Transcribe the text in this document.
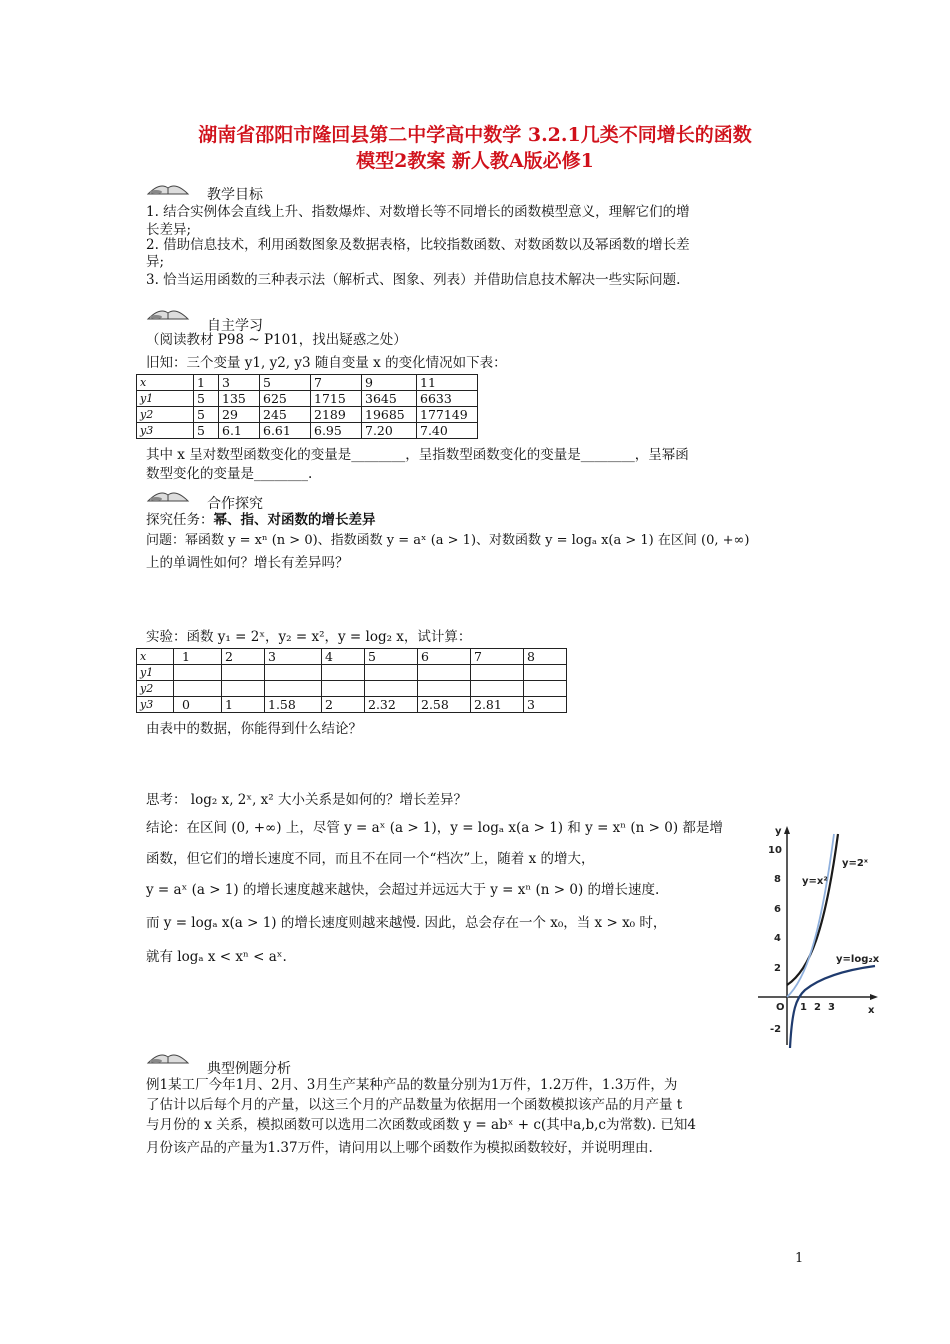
湖南省邵阳市隆回县第二中学高中数学 3.2.1几类不同增长的函数
模型2教案 新人教A版必修1
教学目标
1. 结合实例体会直线上升、指数爆炸、对数增长等不同增长的函数模型意义，理解它们的增
长差异;
2. 借助信息技术，利用函数图象及数据表格，比较指数函数、对数函数以及幂函数的增长差
异;
3. 恰当运用函数的三种表示法（解析式、图象、列表）并借助信息技术解决一些实际问题.
自主学习
（阅读教材 P98 ~ P101，找出疑惑之处）
旧知：三个变量 y1, y2, y3 随自变量 x 的变化情况如下表：
x	1	3	5	7	9	11
y1	5	135	625	1715	3645	6633
y2	5	29	245	2189	19685	177149
y3	5	6.1	6.61	6.95	7.20	7.40
其中 x 呈对数型函数变化的变量是________，呈指数型函数变化的变量是________，呈幂函
数型变化的变量是________.
合作探究
探究任务：幂、指、对函数的增长差异
问题：幂函数 y = xⁿ (n > 0)、指数函数 y = aˣ (a > 1)、对数函数 y = logₐ x(a > 1) 在区间 (0, +∞)
上的单调性如何？增长有差异吗？
实验：函数 y₁ = 2ˣ，y₂ = x²，y = log₂ x，试计算：
x	1	2	3	4	5	6	7	8
y1								
y2								
y3	0	1	1.58	2	2.32	2.58	2.81	3
由表中的数据，你能得到什么结论？
思考： log₂ x, 2ˣ, x² 大小关系是如何的？增长差异？
结论：在区间 (0, +∞) 上，尽管 y = aˣ (a > 1)，y = logₐ x(a > 1) 和 y = xⁿ (n > 0) 都是增
函数，但它们的增长速度不同，而且不在同一个“档次”上，随着 x 的增大，
y = aˣ (a > 1) 的增长速度越来越快，会超过并远远大于 y = xⁿ (n > 0) 的增长速度.
而 y = logₐ x(a > 1) 的增长速度则越来越慢. 因此，总会存在一个 x₀，当 x > x₀ 时，
就有 logₐ x < xⁿ < aˣ.
y
x
O
10
8
6
4
2
-2
1 2 3
y=2ˣ
y=x²
y=log₂x
典型例题分析
例1某工厂今年1月、2月、3月生产某种产品的数量分别为1万件，1.2万件，1.3万件，为
了估计以后每个月的产量，以这三个月的产品数量为依据用一个函数模拟该产品的月产量 t
与月份的 x 关系，模拟函数可以选用二次函数或函数 y = abˣ + c(其中a,b,c为常数). 已知4
月份该产品的产量为1.37万件，请问用以上哪个函数作为模拟函数较好，并说明理由.
1
